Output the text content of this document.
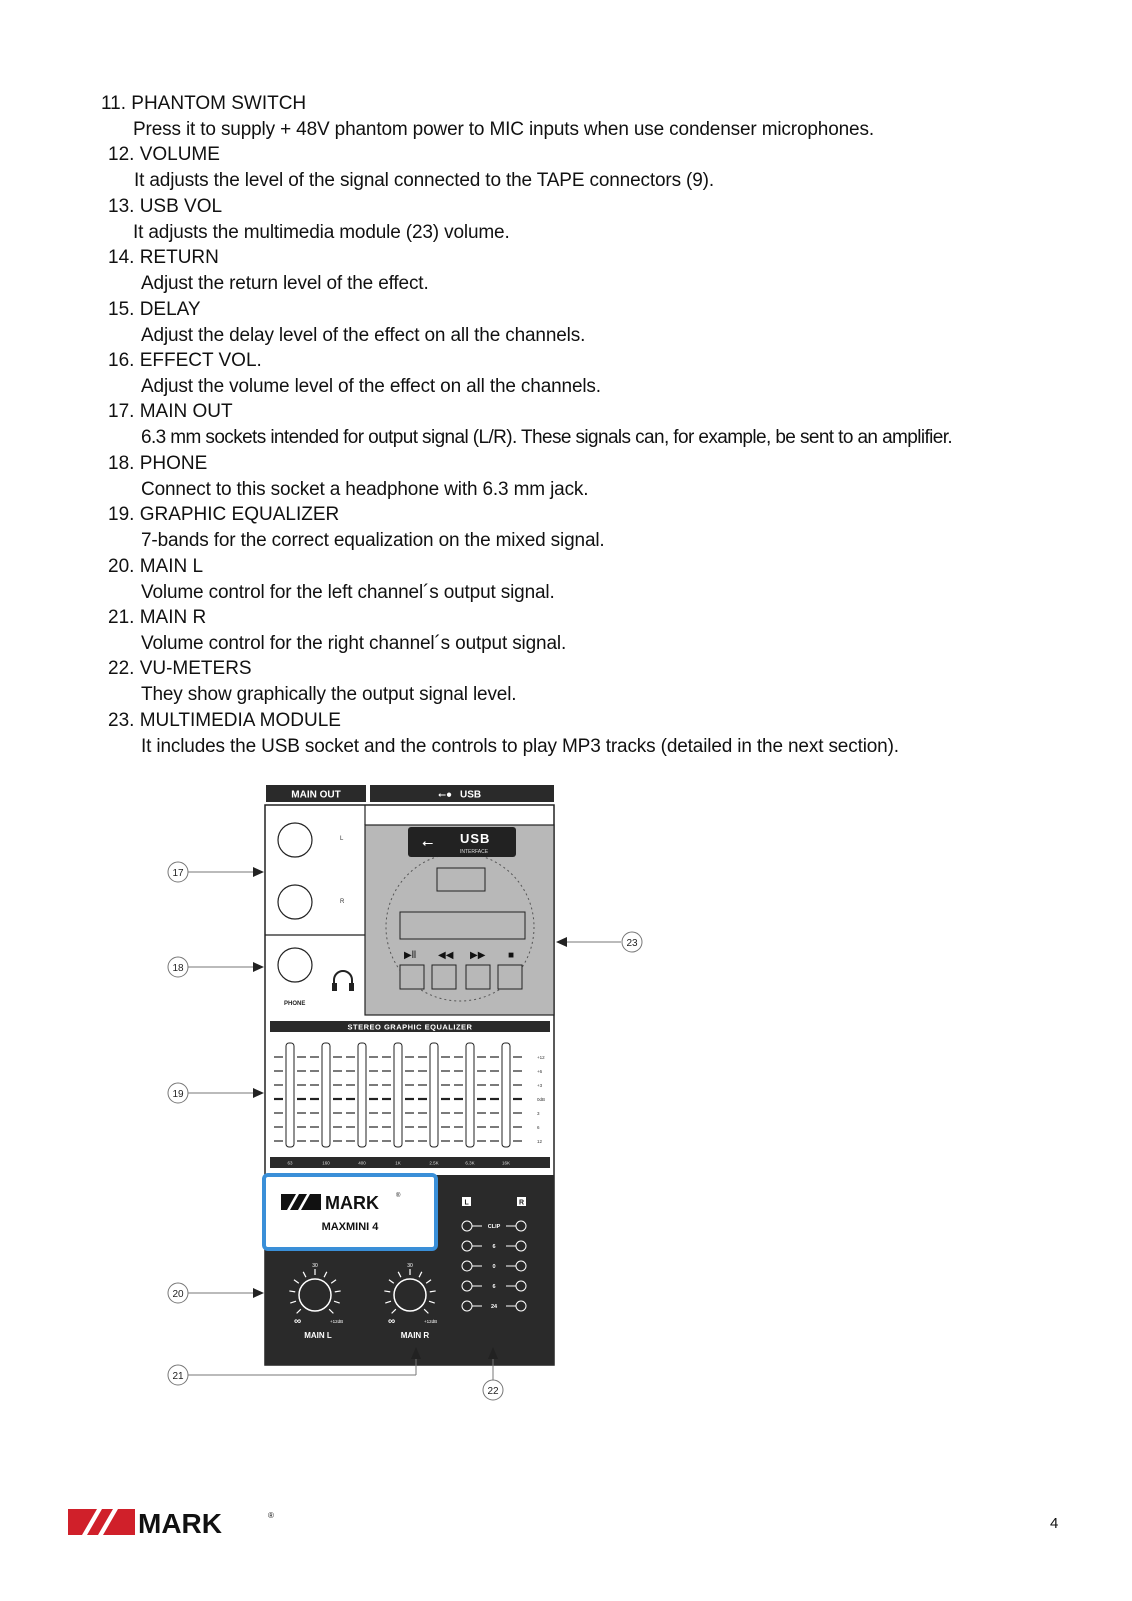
11. PHANTOM SWITCH
Press it to supply + 48V phantom power to MIC inputs when use condenser microphones.
12. VOLUME
It adjusts the level of the signal connected to the TAPE connectors (9).
13. USB VOL
It adjusts the multimedia module (23) volume.
14. RETURN
Adjust the return level of the effect.
15. DELAY
Adjust the delay level of the effect on all the channels.
16. EFFECT VOL.
Adjust the volume level of the effect on all the channels.
17. MAIN OUT
6.3 mm sockets intended for output signal (L/R). These signals can, for example, be sent to an amplifier.
18. PHONE
Connect to this socket a headphone with 6.3 mm jack.
19. GRAPHIC EQUALIZER
7-bands for the correct equalization on the mixed signal.
20. MAIN L
Volume control for the left channel´s output signal.
21. MAIN R
Volume control for the right channel´s output signal.
22. VU-METERS
They show graphically the output signal level.
23. MULTIMEDIA MODULE
It includes the USB socket and the controls to play MP3 tracks (detailed in the next section).
MAIN OUT	⭠● USB
L
R
PHONE
⭠ USB
INTERFACE
▶ll ◀◀ ▶▶ ■
STEREO GRAPHIC EQUALIZER
+12
+6
+3
0dB
3
6
12
63	160	400	1K	2.5K	6.3K	16K
MARK	®
MAXMINI 4
L	R
CLIP
6
0
6
24
30
∞	+12dB
30
∞	+12dB
MAIN L	MAIN R
17
18
19
20
21
22
23
MARK	®	4
